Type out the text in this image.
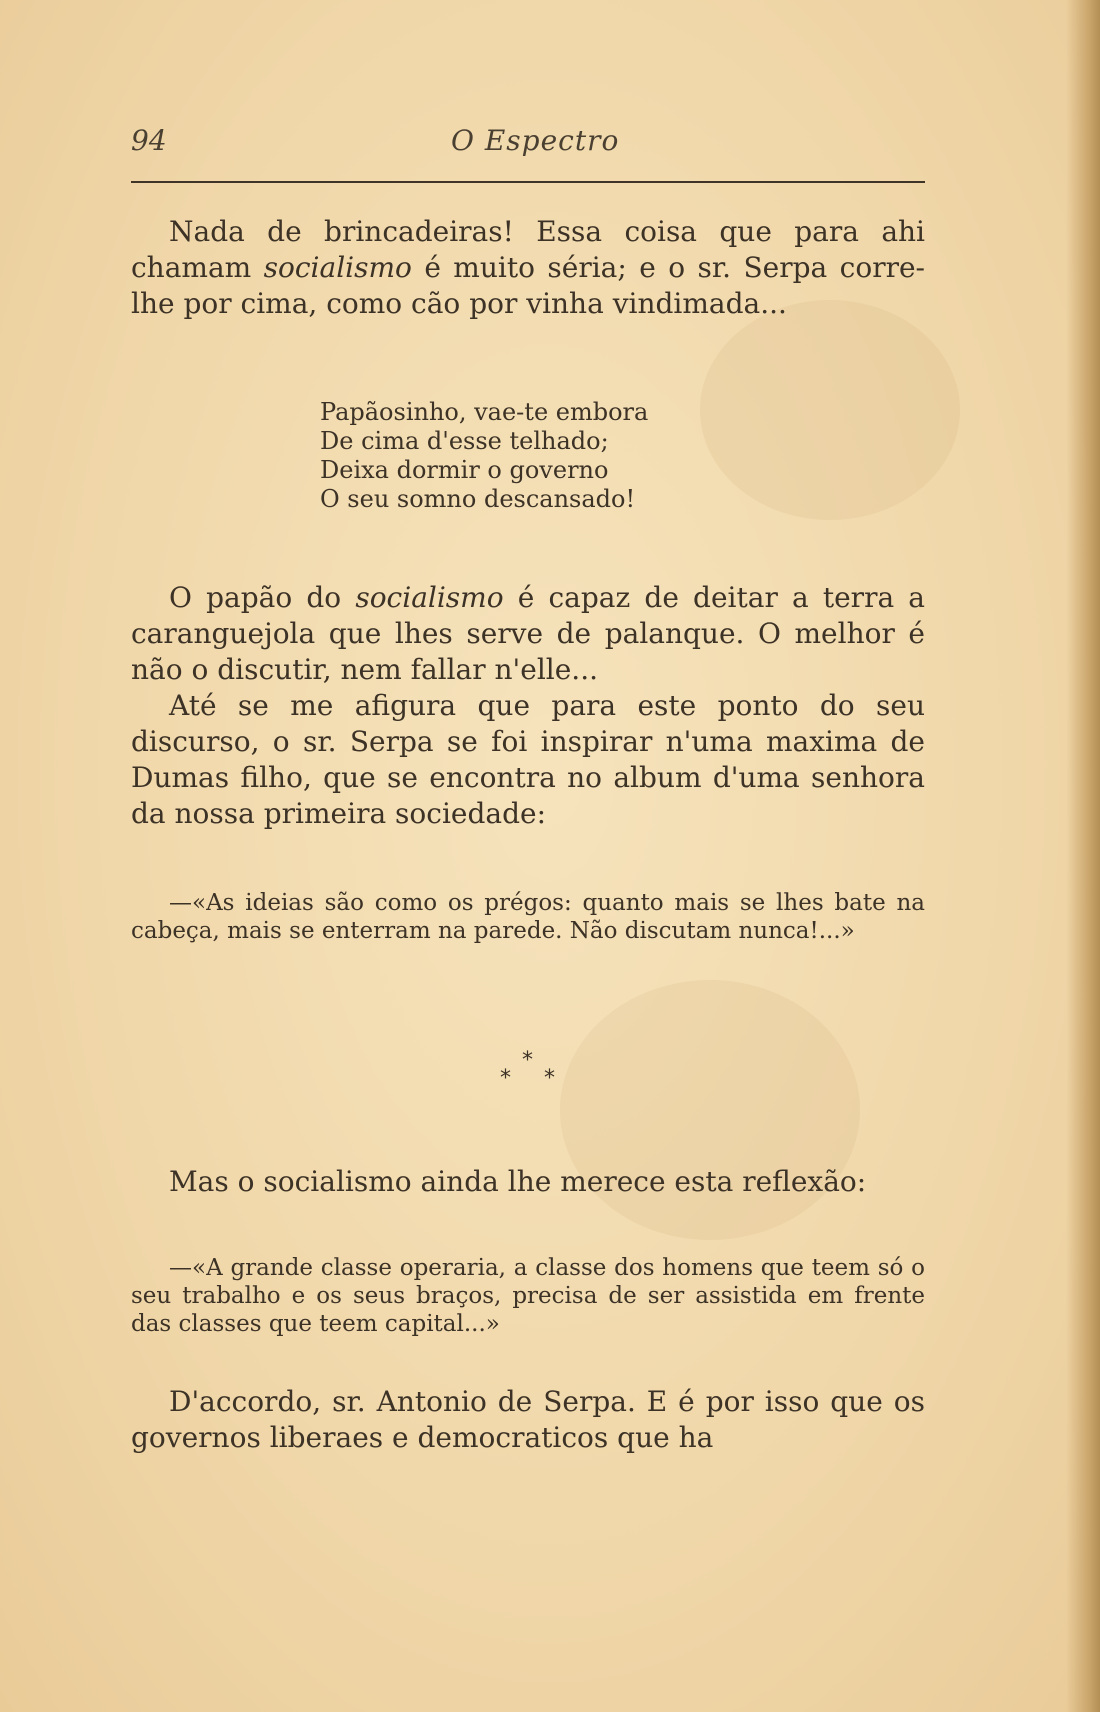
94	O Espectro
Nada de brincadeiras! Essa coisa que para ahi chamam socialismo é muito séria; e o sr. Serpa corre-lhe por cima, como cão por vinha vindimada...
Papãosinho, vae-te embora
De cima d'esse telhado;
Deixa dormir o governo
O seu somno descansado!
O papão do socialismo é capaz de deitar a terra a caranguejola que lhes serve de palanque. O melhor é não o discutir, nem fallar n'elle...
Até se me afigura que para este ponto do seu discurso, o sr. Serpa se foi inspirar n'uma maxima de Dumas filho, que se encontra no album d'uma senhora da nossa primeira sociedade:
—«As ideias são como os prégos: quanto mais se lhes bate na cabeça, mais se enterram na parede. Não discutam nunca!...»
*
* *
Mas o socialismo ainda lhe merece esta reflexão:
—«A grande classe operaria, a classe dos homens que teem só o seu trabalho e os seus braços, precisa de ser assistida em frente das classes que teem capital...»
D'accordo, sr. Antonio de Serpa. E é por isso que os governos liberaes e democraticos que ha
